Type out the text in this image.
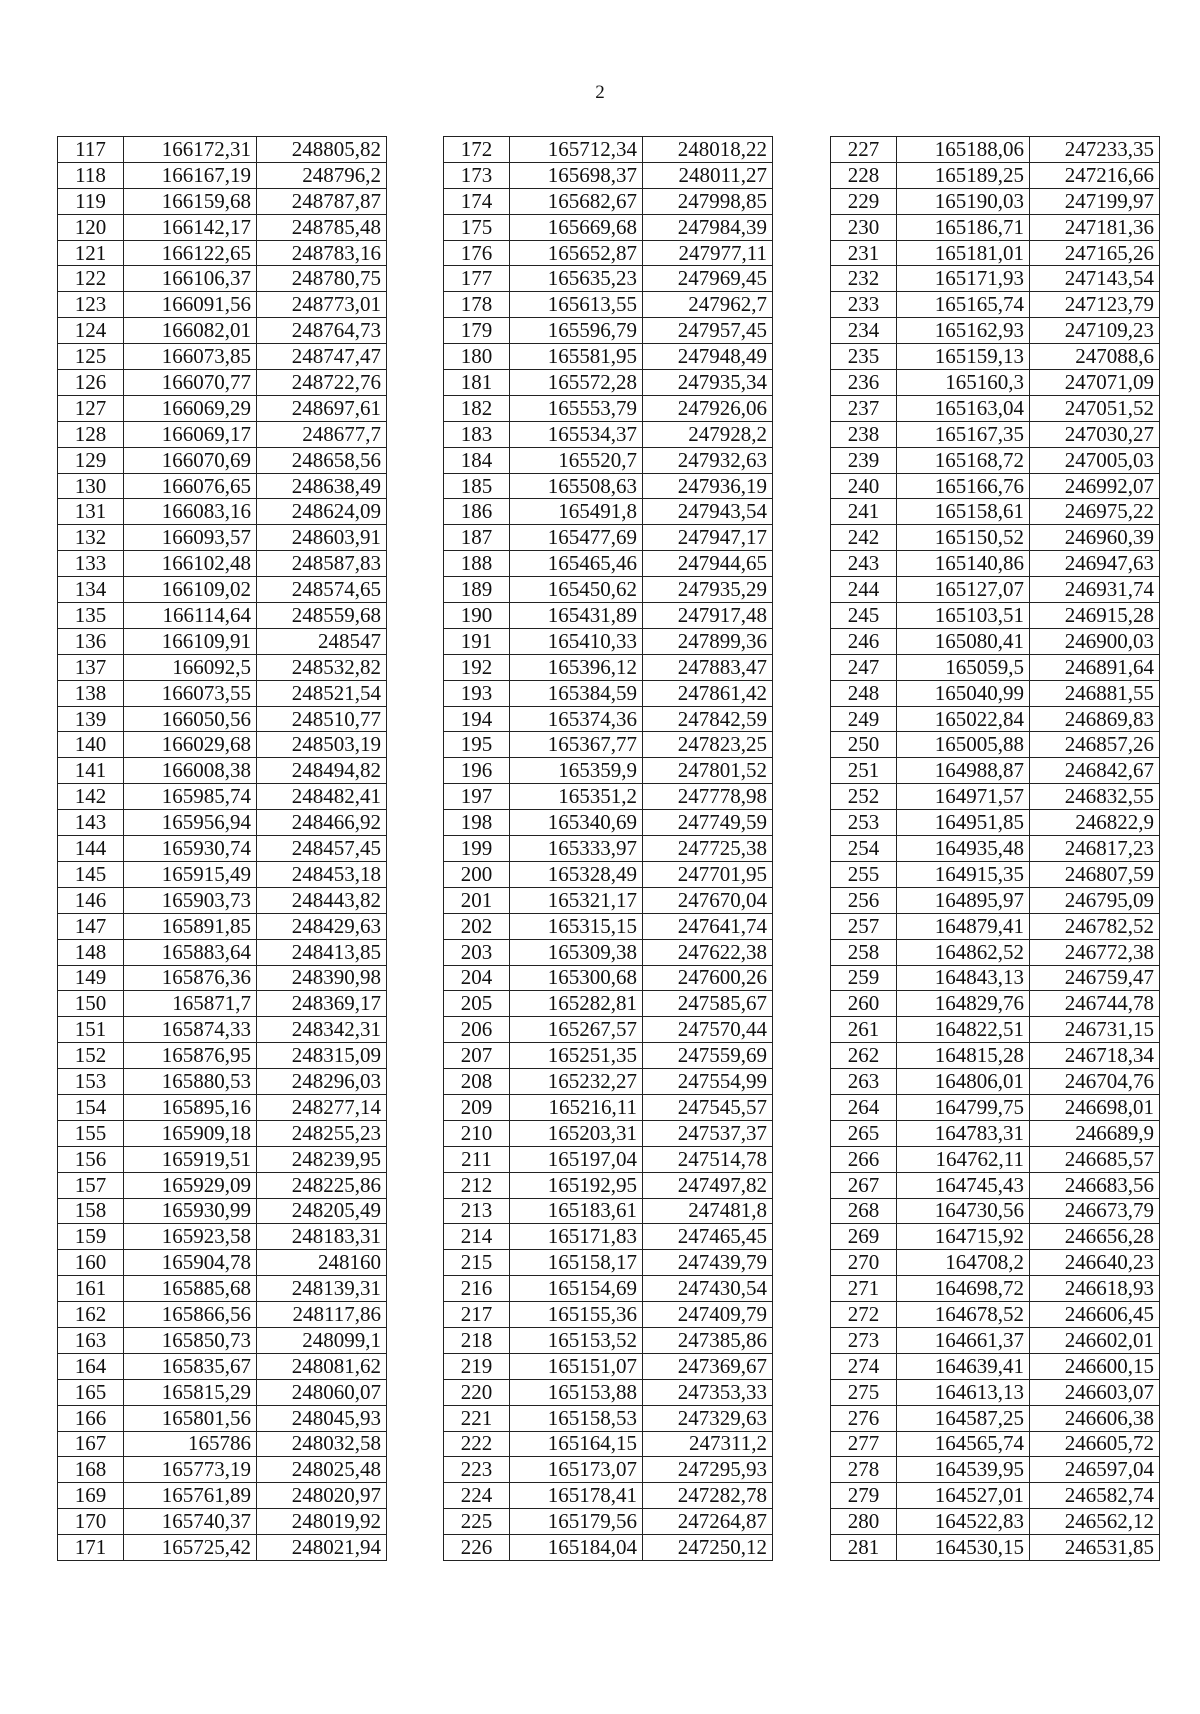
2
117	166172,31	248805,82
118	166167,19	248796,2
119	166159,68	248787,87
120	166142,17	248785,48
121	166122,65	248783,16
122	166106,37	248780,75
123	166091,56	248773,01
124	166082,01	248764,73
125	166073,85	248747,47
126	166070,77	248722,76
127	166069,29	248697,61
128	166069,17	248677,7
129	166070,69	248658,56
130	166076,65	248638,49
131	166083,16	248624,09
132	166093,57	248603,91
133	166102,48	248587,83
134	166109,02	248574,65
135	166114,64	248559,68
136	166109,91	248547
137	166092,5	248532,82
138	166073,55	248521,54
139	166050,56	248510,77
140	166029,68	248503,19
141	166008,38	248494,82
142	165985,74	248482,41
143	165956,94	248466,92
144	165930,74	248457,45
145	165915,49	248453,18
146	165903,73	248443,82
147	165891,85	248429,63
148	165883,64	248413,85
149	165876,36	248390,98
150	165871,7	248369,17
151	165874,33	248342,31
152	165876,95	248315,09
153	165880,53	248296,03
154	165895,16	248277,14
155	165909,18	248255,23
156	165919,51	248239,95
157	165929,09	248225,86
158	165930,99	248205,49
159	165923,58	248183,31
160	165904,78	248160
161	165885,68	248139,31
162	165866,56	248117,86
163	165850,73	248099,1
164	165835,67	248081,62
165	165815,29	248060,07
166	165801,56	248045,93
167	165786	248032,58
168	165773,19	248025,48
169	165761,89	248020,97
170	165740,37	248019,92
171	165725,42	248021,94
172	165712,34	248018,22
173	165698,37	248011,27
174	165682,67	247998,85
175	165669,68	247984,39
176	165652,87	247977,11
177	165635,23	247969,45
178	165613,55	247962,7
179	165596,79	247957,45
180	165581,95	247948,49
181	165572,28	247935,34
182	165553,79	247926,06
183	165534,37	247928,2
184	165520,7	247932,63
185	165508,63	247936,19
186	165491,8	247943,54
187	165477,69	247947,17
188	165465,46	247944,65
189	165450,62	247935,29
190	165431,89	247917,48
191	165410,33	247899,36
192	165396,12	247883,47
193	165384,59	247861,42
194	165374,36	247842,59
195	165367,77	247823,25
196	165359,9	247801,52
197	165351,2	247778,98
198	165340,69	247749,59
199	165333,97	247725,38
200	165328,49	247701,95
201	165321,17	247670,04
202	165315,15	247641,74
203	165309,38	247622,38
204	165300,68	247600,26
205	165282,81	247585,67
206	165267,57	247570,44
207	165251,35	247559,69
208	165232,27	247554,99
209	165216,11	247545,57
210	165203,31	247537,37
211	165197,04	247514,78
212	165192,95	247497,82
213	165183,61	247481,8
214	165171,83	247465,45
215	165158,17	247439,79
216	165154,69	247430,54
217	165155,36	247409,79
218	165153,52	247385,86
219	165151,07	247369,67
220	165153,88	247353,33
221	165158,53	247329,63
222	165164,15	247311,2
223	165173,07	247295,93
224	165178,41	247282,78
225	165179,56	247264,87
226	165184,04	247250,12
227	165188,06	247233,35
228	165189,25	247216,66
229	165190,03	247199,97
230	165186,71	247181,36
231	165181,01	247165,26
232	165171,93	247143,54
233	165165,74	247123,79
234	165162,93	247109,23
235	165159,13	247088,6
236	165160,3	247071,09
237	165163,04	247051,52
238	165167,35	247030,27
239	165168,72	247005,03
240	165166,76	246992,07
241	165158,61	246975,22
242	165150,52	246960,39
243	165140,86	246947,63
244	165127,07	246931,74
245	165103,51	246915,28
246	165080,41	246900,03
247	165059,5	246891,64
248	165040,99	246881,55
249	165022,84	246869,83
250	165005,88	246857,26
251	164988,87	246842,67
252	164971,57	246832,55
253	164951,85	246822,9
254	164935,48	246817,23
255	164915,35	246807,59
256	164895,97	246795,09
257	164879,41	246782,52
258	164862,52	246772,38
259	164843,13	246759,47
260	164829,76	246744,78
261	164822,51	246731,15
262	164815,28	246718,34
263	164806,01	246704,76
264	164799,75	246698,01
265	164783,31	246689,9
266	164762,11	246685,57
267	164745,43	246683,56
268	164730,56	246673,79
269	164715,92	246656,28
270	164708,2	246640,23
271	164698,72	246618,93
272	164678,52	246606,45
273	164661,37	246602,01
274	164639,41	246600,15
275	164613,13	246603,07
276	164587,25	246606,38
277	164565,74	246605,72
278	164539,95	246597,04
279	164527,01	246582,74
280	164522,83	246562,12
281	164530,15	246531,85
